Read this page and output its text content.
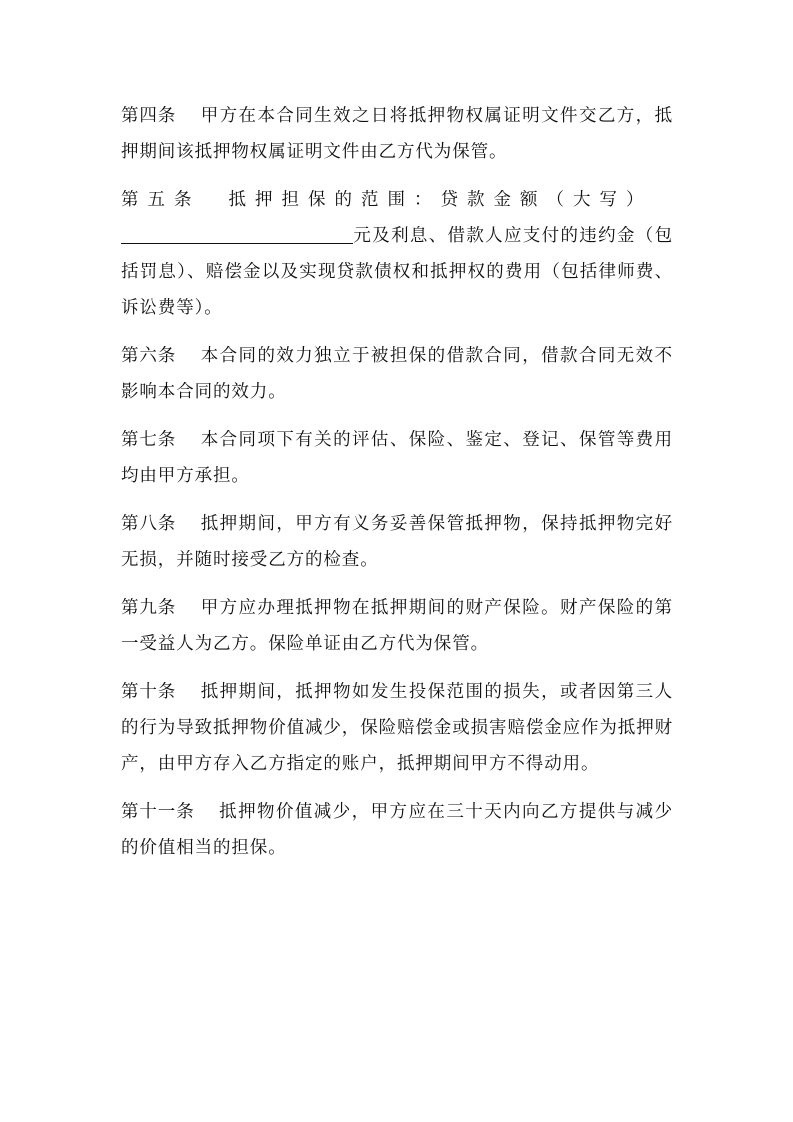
第四条 甲方在本合同生效之日将抵押物权属证明文件交乙方，抵押期间该抵押物权属证明文件由乙方代为保管。

第五条 抵押担保的范围：贷款金额（大写）
元及利息、借款人应支付的违约金（包括罚息）、赔偿金以及实现贷款债权和抵押权的费用（包括律师费、诉讼费等）。

第六条 本合同的效力独立于被担保的借款合同，借款合同无效不影响本合同的效力。

第七条 本合同项下有关的评估、保险、鉴定、登记、保管等费用均由甲方承担。

第八条 抵押期间，甲方有义务妥善保管抵押物，保持抵押物完好无损，并随时接受乙方的检查。

第九条 甲方应办理抵押物在抵押期间的财产保险。财产保险的第一受益人为乙方。保险单证由乙方代为保管。

第十条 抵押期间，抵押物如发生投保范围的损失，或者因第三人的行为导致抵押物价值减少，保险赔偿金或损害赔偿金应作为抵押财产，由甲方存入乙方指定的账户，抵押期间甲方不得动用。

第十一条 抵押物价值减少，甲方应在三十天内向乙方提供与减少的价值相当的担保。
